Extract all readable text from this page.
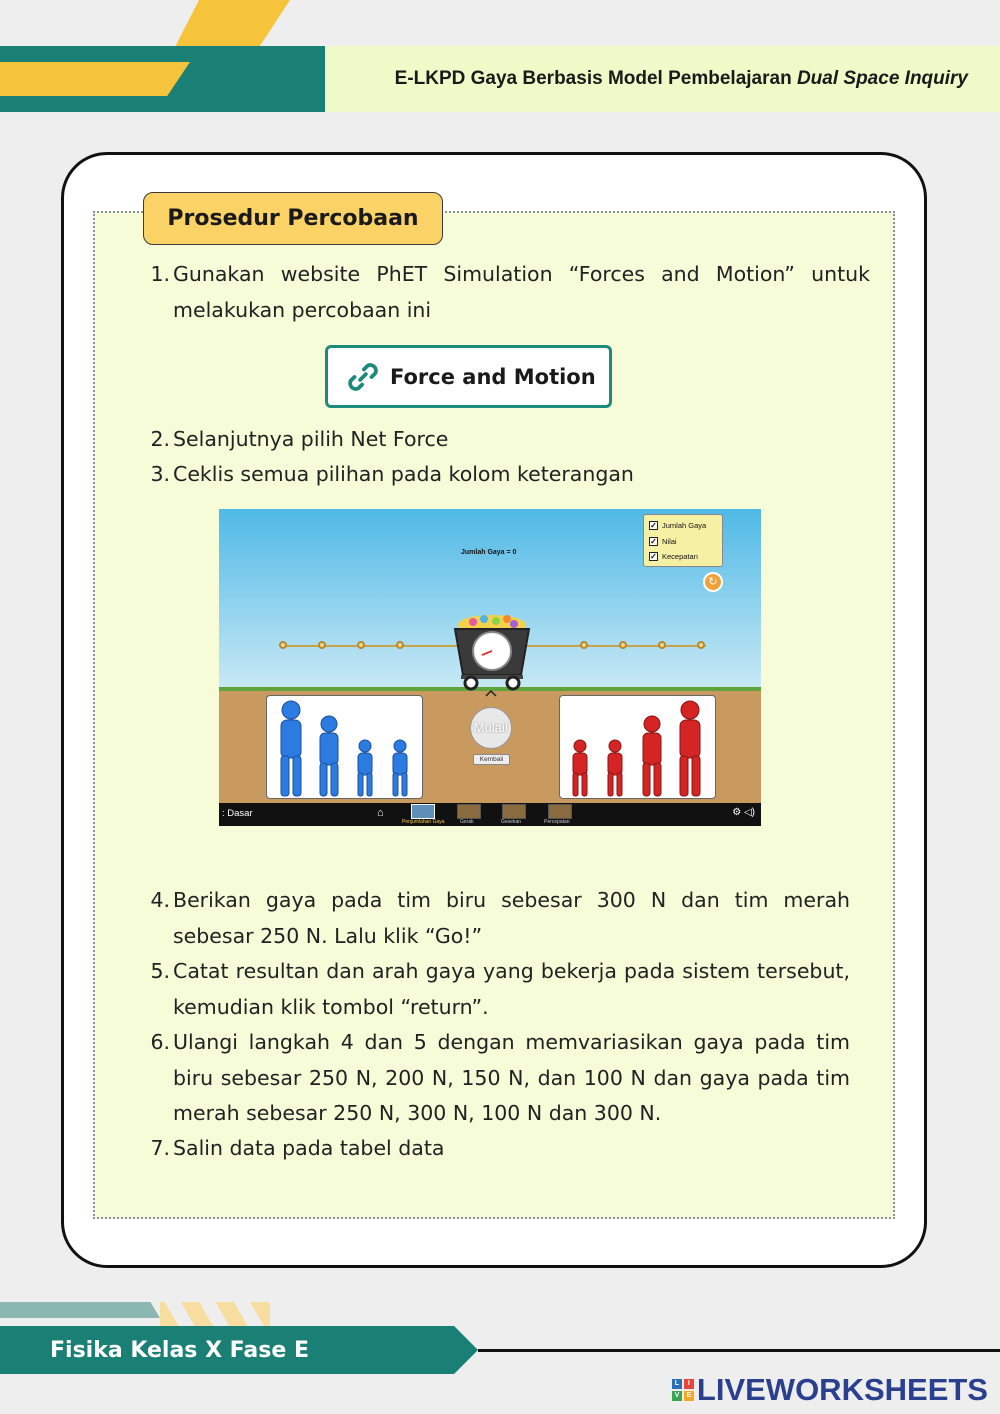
E-LKPD Gaya Berbasis Model Pembelajaran Dual Space Inquiry
Prosedur Percobaan
1. Gunakan website PhET Simulation “Forces and Motion” untuk melakukan percobaan ini
Force and Motion
2. Selanjutnya pilih Net Force
3. Ceklis semua pilihan pada kolom keterangan
Jumlah Gaya = 0
✓ Jumlah Gaya
✓ Nilai
✓ Kecepatan
↻
Mulai!
Kembali
: Dasar	⌂
Penjumlahan Gaya	Gerak	Gesekan	Percepatan
⚙ ◁)
4. Berikan gaya pada tim biru sebesar 300 N dan tim merah sebesar 250 N. Lalu klik “Go!”
5. Catat resultan dan arah gaya yang bekerja pada sistem tersebut, kemudian klik tombol “return”.
6. Ulangi langkah 4 dan 5 dengan memvariasikan gaya pada tim biru sebesar 250 N, 200 N, 150 N, dan 100 N dan gaya pada tim merah sebesar 250 N, 300 N, 100 N dan 300 N.
7. Salin data pada tabel data
Fisika Kelas X Fase E
L	I
V	E LIVEWORKSHEETS
